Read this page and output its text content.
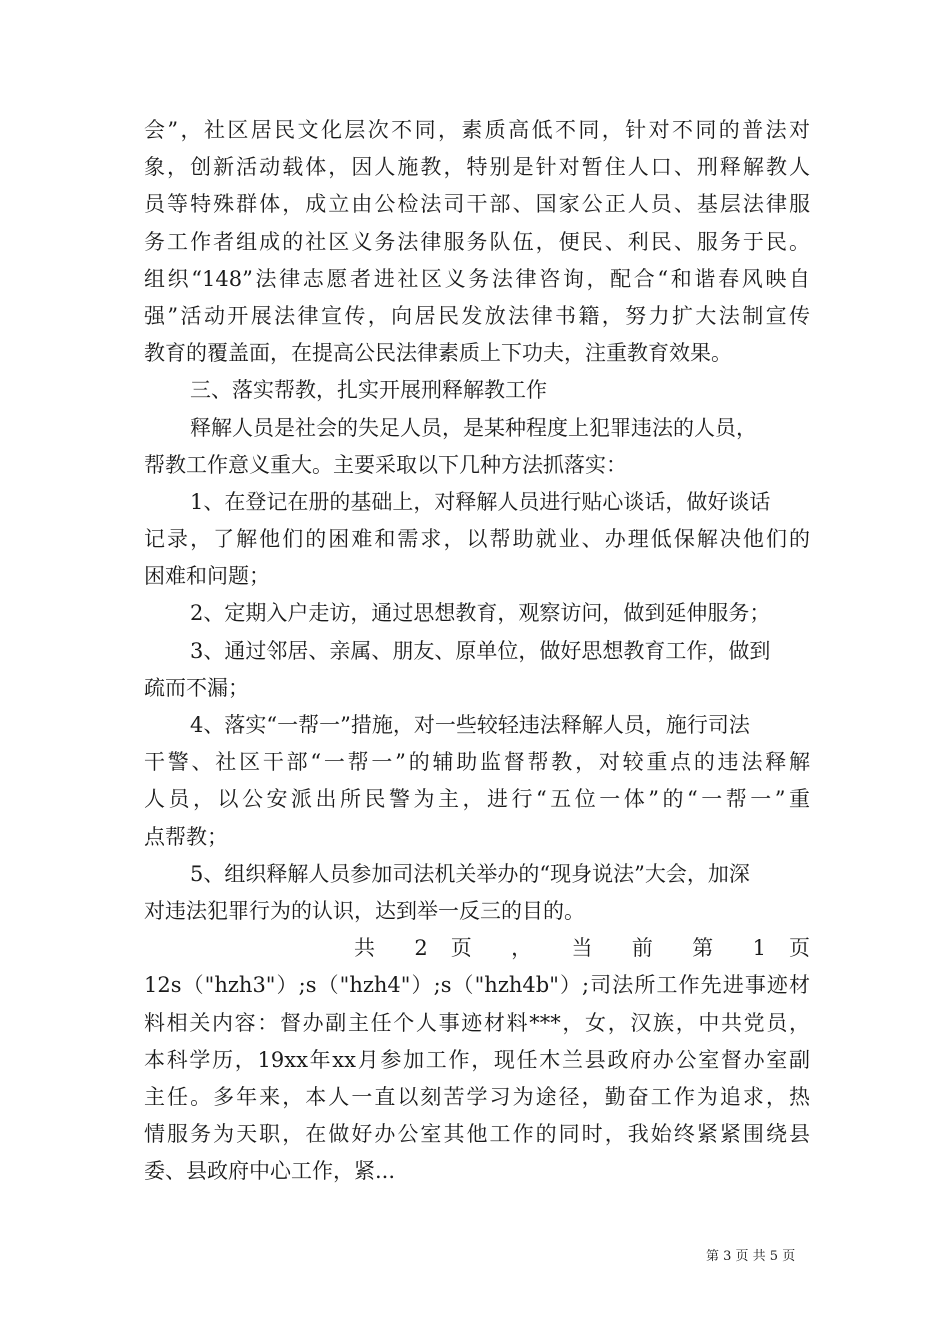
会”，社区居民文化层次不同，素质高低不同，针对不同的普法对
象，创新活动载体，因人施教，特别是针对暂住人口、刑释解教人
员等特殊群体，成立由公检法司干部、国家公正人员、基层法律服
务工作者组成的社区义务法律服务队伍，便民、利民、服务于民。
组织“148”法律志愿者进社区义务法律咨询，配合“和谐春风映自
强”活动开展法律宣传，向居民发放法律书籍，努力扩大法制宣传
教育的覆盖面，在提高公民法律素质上下功夫，注重教育效果。
三、落实帮教，扎实开展刑释解教工作
释解人员是社会的失足人员，是某种程度上犯罪违法的人员，
帮教工作意义重大。主要采取以下几种方法抓落实：
1、在登记在册的基础上，对释解人员进行贴心谈话，做好谈话
记录，了解他们的困难和需求，以帮助就业、办理低保解决他们的
困难和问题；
2、定期入户走访，通过思想教育，观察访问，做到延伸服务；
3、通过邻居、亲属、朋友、原单位，做好思想教育工作，做到
疏而不漏；
4、落实“一帮一”措施，对一些较轻违法释解人员，施行司法
干警、社区干部“一帮一”的辅助监督帮教，对较重点的违法释解
人员，以公安派出所民警为主，进行“五位一体”的“一帮一”重
点帮教；
5、组织释解人员参加司法机关举办的“现身说法”大会，加深
对违法犯罪行为的认识，达到举一反三的目的。
共 2 页 ， 当 前 第 1 页
12s（"hzh3"）;s（"hzh4"）;s（"hzh4b"）;司法所工作先进事迹材
料相关内容：督办副主任个人事迹材料***，女，汉族，中共党员，
本科学历，19xx年xx月参加工作，现任木兰县政府办公室督办室副
主任。多年来，本人一直以刻苦学习为途径，勤奋工作为追求，热
情服务为天职，在做好办公室其他工作的同时，我始终紧紧围绕县
委、县政府中心工作，紧...
第 3 页 共 5 页
